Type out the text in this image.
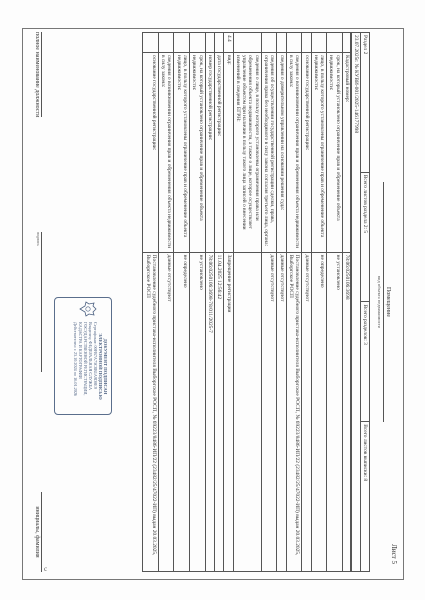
Лист 5
Помещение
вид объекта недвижимости
Раздел 2	Всего листов раздела 2: 5	Всего разделов: 3	Всего листов выписки: 8
23.07.2025г. № КУВИ-001/2025-146177998
	Кадастровый номер:	78:06:0250106:3698
	срок, на который установлено ограничение прав и обременение объекта недвижимости:	не установлено
	лицо, в пользу которого установлены ограничение прав и обременение объекта недвижимости:	не определено
	основание государственной регистрации:	данные отсутствуют
	сведения о возникновении ограничения прав и обременения объекта недвижимости в силу закона:	Постановление судебного пристава-исполнителя Выборгское РОСП, № 69223/8486-ИП/22 (23482/25/47022-ИП) выдан 20.03.2025, Выборгское РОСП
	сведения о доверительном управлении на основании решения суда:	данные отсутствуют
	сведения об осуществлении государственной регистрации сделки, права, ограничения права без необходимого в силу закона согласия третьего лица, органа:	данные отсутствуют
	сведения о лице, в пользу которого установлены ограничения права или обременения объекта недвижимости, а также о лице, которое осуществляет управление объектом при наличии в пользу такого лица записей о внесении изменений в сведения ЕГРН:	
4.4	вид:	Запрещение регистрации
	дата государственной регистрации:	11.04.2025 12:56:42
	номер государственной регистрации:	78:06:0250106:3698-78/011/2025-7
	срок, на который установлено ограничение прав и обременение объекта недвижимости:	не установлено
	лицо, в пользу которого установлены ограничение прав и обременение объекта недвижимости:	не определено
	сведения о возникновении ограничения прав и обременения объекта недвижимости в силу закона:	данные отсутствуют
	основание государственной регистрации:	Постановление судебного пристава-исполнителя Выборгское РОСП, № 69223/8486-ИП/22 (23482/25/47022-ИП) выдан 20.03.2025, Выборгское РОСП
ДОКУМЕНТ ПОДПИСАН ЭЛЕКТРОННОЙ ПОДПИСЬЮ
Сертификат: 00FB7A73C8B1A9D0E9
Владелец: ФЕДЕРАЛЬНАЯ СЛУЖБА ГОСУДАРСТВЕННОЙ РЕГИСТРАЦИИ, КАДАСТРА И КАРТОГРАФИИ
Действителен: с 23.10.2024 по 16.01.2026
полное наименование должности
подпись
инициалы, фамилия
с
